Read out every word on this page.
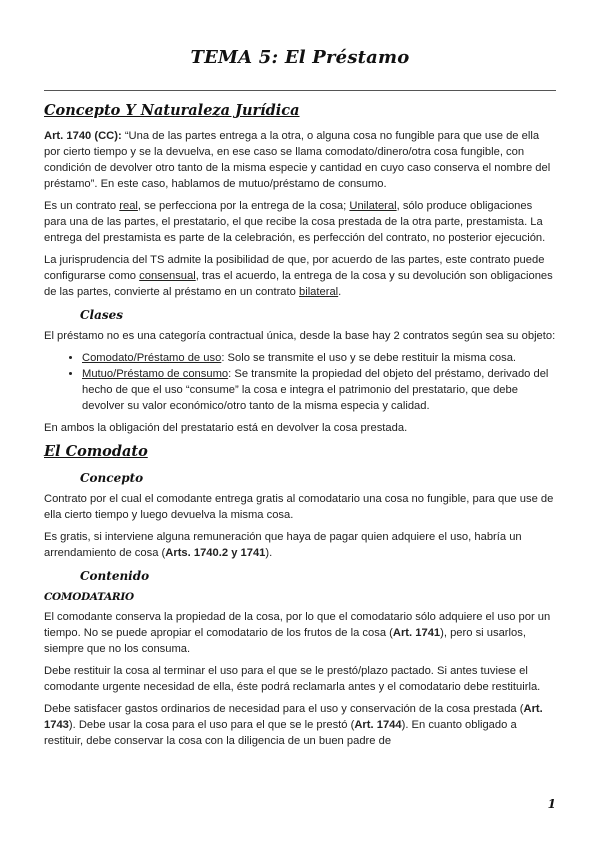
TEMA 5: El Préstamo
Concepto Y Naturaleza Jurídica

Art. 1740 (CC): “Una de las partes entrega a la otra, o alguna cosa no fungible para que use de ella por cierto tiempo y se la devuelva, en ese caso se llama comodato/dinero/otra cosa fungible, con condición de devolver otro tanto de la misma especie y cantidad en cuyo caso conserva el nombre del préstamo”. En este caso, hablamos de mutuo/préstamo de consumo.

Es un contrato real, se perfecciona por la entrega de la cosa; Unilateral, sólo produce obligaciones para una de las partes, el prestatario, el que recibe la cosa prestada de la otra parte, prestamista. La entrega del prestamista es parte de la celebración, es perfección del contrato, no posterior ejecución.

La jurisprudencia del TS admite la posibilidad de que, por acuerdo de las partes, este contrato puede configurarse como consensual, tras el acuerdo, la entrega de la cosa y su devolución son obligaciones de las partes, convierte al préstamo en un contrato bilateral.

Clases

El préstamo no es una categoría contractual única, desde la base hay 2 contratos según sea su objeto:

• Comodato/Préstamo de uso: Solo se transmite el uso y se debe restituir la misma cosa.
• Mutuo/Préstamo de consumo: Se transmite la propiedad del objeto del préstamo, derivado del hecho de que el uso “consume” la cosa e integra el patrimonio del prestatario, que debe devolver su valor económico/otro tanto de la misma especia y calidad.

En ambos la obligación del prestatario está en devolver la cosa prestada.

El Comodato
Concepto

Contrato por el cual el comodante entrega gratis al comodatario una cosa no fungible, para que use de ella cierto tiempo y luego devuelva la misma cosa.

Es gratis, si interviene alguna remuneración que haya de pagar quien adquiere el uso, habría un arrendamiento de cosa (Arts. 1740.2 y 1741).

Contenido
COMODATARIO

El comodante conserva la propiedad de la cosa, por lo que el comodatario sólo adquiere el uso por un tiempo. No se puede apropiar el comodatario de los frutos de la cosa (Art. 1741), pero si usarlos, siempre que no los consuma.

Debe restituir la cosa al terminar el uso para el que se le prestó/plazo pactado. Si antes tuviese el comodante urgente necesidad de ella, éste podrá reclamarla antes y el comodatario debe restituirla.

Debe satisfacer gastos ordinarios de necesidad para el uso y conservación de la cosa prestada (Art. 1743). Debe usar la cosa para el uso para el que se le prestó (Art. 1744). En cuanto obligado a restituir, debe conservar la cosa con la diligencia de un buen padre de

1
